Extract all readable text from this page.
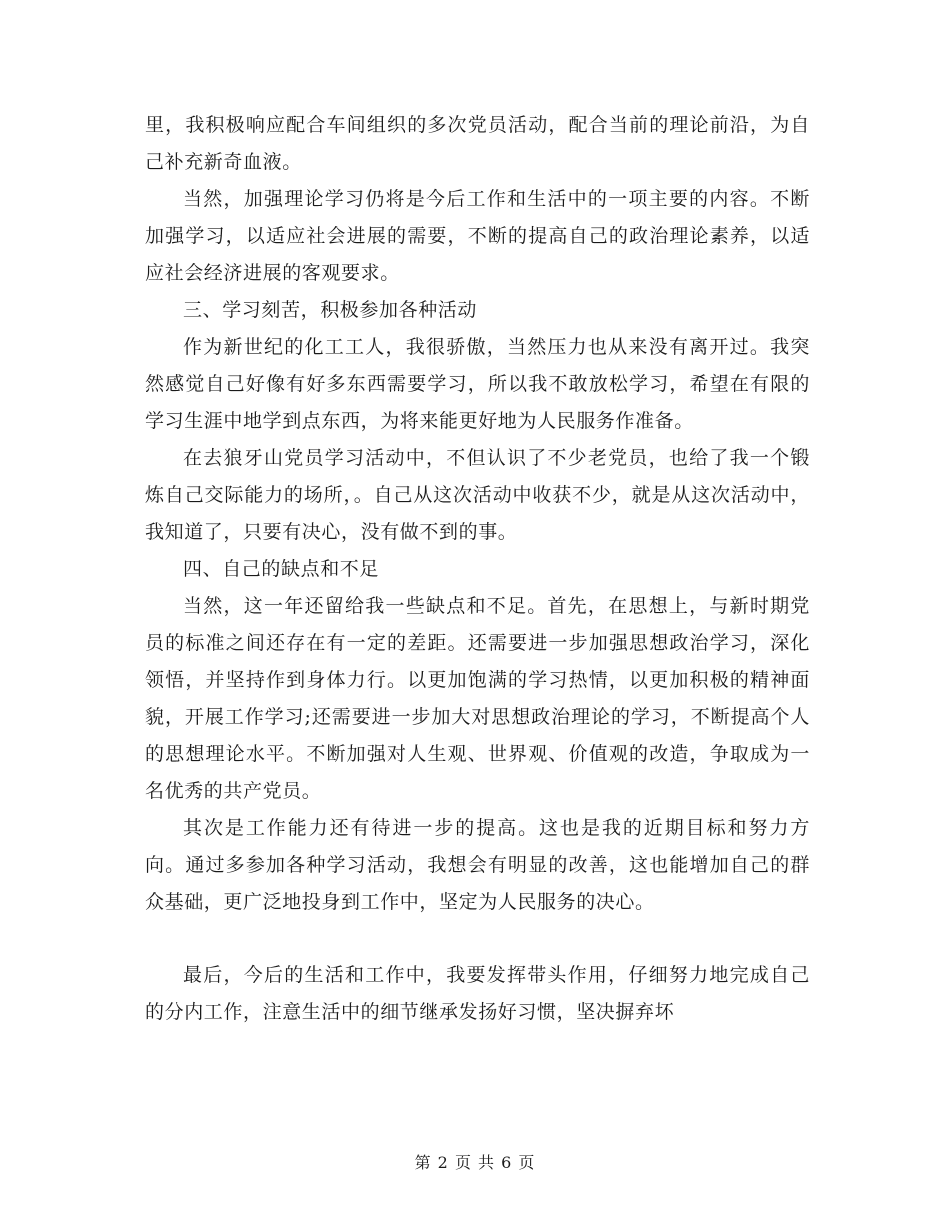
里，我积极响应配合车间组织的多次党员活动，配合当前的理论前沿，为自己补充新奇血液。

当然，加强理论学习仍将是今后工作和生活中的一项主要的内容。不断加强学习，以适应社会进展的需要，不断的提高自己的政治理论素养，以适应社会经济进展的客观要求。

三、学习刻苦，积极参加各种活动

作为新世纪的化工工人，我很骄傲，当然压力也从来没有离开过。我突然感觉自己好像有好多东西需要学习，所以我不敢放松学习，希望在有限的学习生涯中地学到点东西，为将来能更好地为人民服务作准备。

在去狼牙山党员学习活动中，不但认识了不少老党员，也给了我一个锻炼自己交际能力的场所，。自己从这次活动中收获不少，就是从这次活动中，我知道了，只要有决心，没有做不到的事。

四、自己的缺点和不足

当然，这一年还留给我一些缺点和不足。首先，在思想上，与新时期党员的标准之间还存在有一定的差距。还需要进一步加强思想政治学习，深化领悟，并坚持作到身体力行。以更加饱满的学习热情，以更加积极的精神面貌，开展工作学习;还需要进一步加大对思想政治理论的学习，不断提高个人的思想理论水平。不断加强对人生观、世界观、价值观的改造，争取成为一名优秀的共产党员。

其次是工作能力还有待进一步的提高。这也是我的近期目标和努力方向。通过多参加各种学习活动，我想会有明显的改善，这也能增加自己的群众基础，更广泛地投身到工作中，坚定为人民服务的决心。

最后，今后的生活和工作中，我要发挥带头作用，仔细努力地完成自己的分内工作，注意生活中的细节继承发扬好习惯，坚决摒弃坏

第 2 页 共 6 页
